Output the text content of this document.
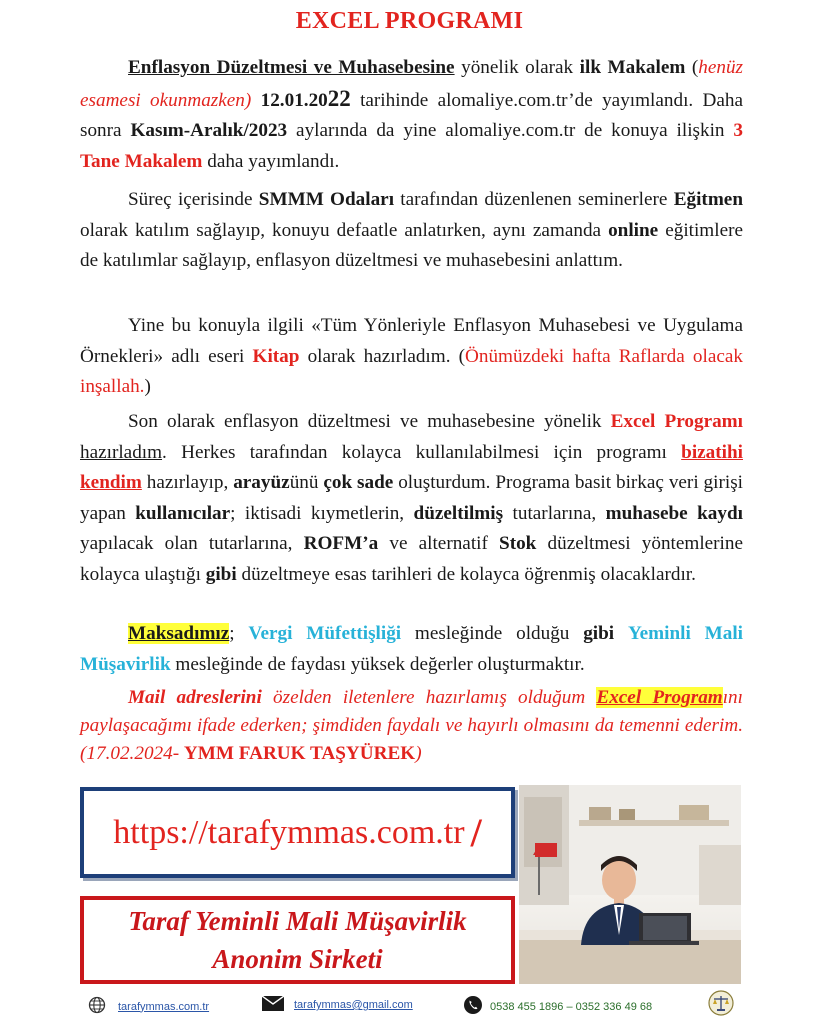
EXCEL PROGRAMI

Enflasyon Düzeltmesi ve Muhasebesine yönelik olarak ilk Makalem (henüz esamesi okunmazken) 12.01.2022 tarihinde alomaliye.com.tr’de yayımlandı. Daha sonra Kasım-Aralık/2023 aylarında da yine alomaliye.com.tr de konuya ilişkin 3 Tane Makalem daha yayımlandı.

Süreç içerisinde SMMM Odaları tarafından düzenlenen seminerlere Eğitmen olarak katılım sağlayıp, konuyu defaatle anlatırken, aynı zamanda online eğitimlere de katılımlar sağlayıp, enflasyon düzeltmesi ve muhasebesini anlattım.

Yine bu konuyla ilgili «Tüm Yönleriyle Enflasyon Muhasebesi ve Uygulama Örnekleri» adlı eseri Kitap olarak hazırladım. (Önümüzdeki hafta Raflarda olacak inşallah.)

Son olarak enflasyon düzeltmesi ve muhasebesine yönelik Excel Programı hazırladım. Herkes tarafından kolayca kullanılabilmesi için programı bizatihi kendim hazırlayıp, arayüzünü çok sade oluşturdum. Programa basit birkaç veri girişi yapan kullanıcılar; iktisadi kıymetlerin, düzeltilmiş tutarlarına, muhasebe kaydı yapılacak olan tutarlarına, ROFM’a ve alternatif Stok düzeltmesi yöntemlerine kolayca ulaştığı gibi düzeltmeye esas tarihleri de kolayca öğrenmiş olacaklardır.

Maksadımız; Vergi Müfettişliği mesleğinde olduğu gibi Yeminli Mali Müşavirlik mesleğinde de faydası yüksek değerler oluşturmaktır.

Mail adreslerini özelden iletenlere hazırlamış olduğum Excel Programını paylaşacağımı ifade ederken; şimdiden faydalı ve hayırlı olmasını da temenni ederim. (17.02.2024- YMM FARUK TAŞYÜREK)

https://tarafymmas.com.tr /
Taraf Yeminli Mali Müşavirlik
Anonim Sirketi
tarafymmas.com.tr	tarafymmas@gmail.com	0538 455 1896 – 0352 336 49 68
